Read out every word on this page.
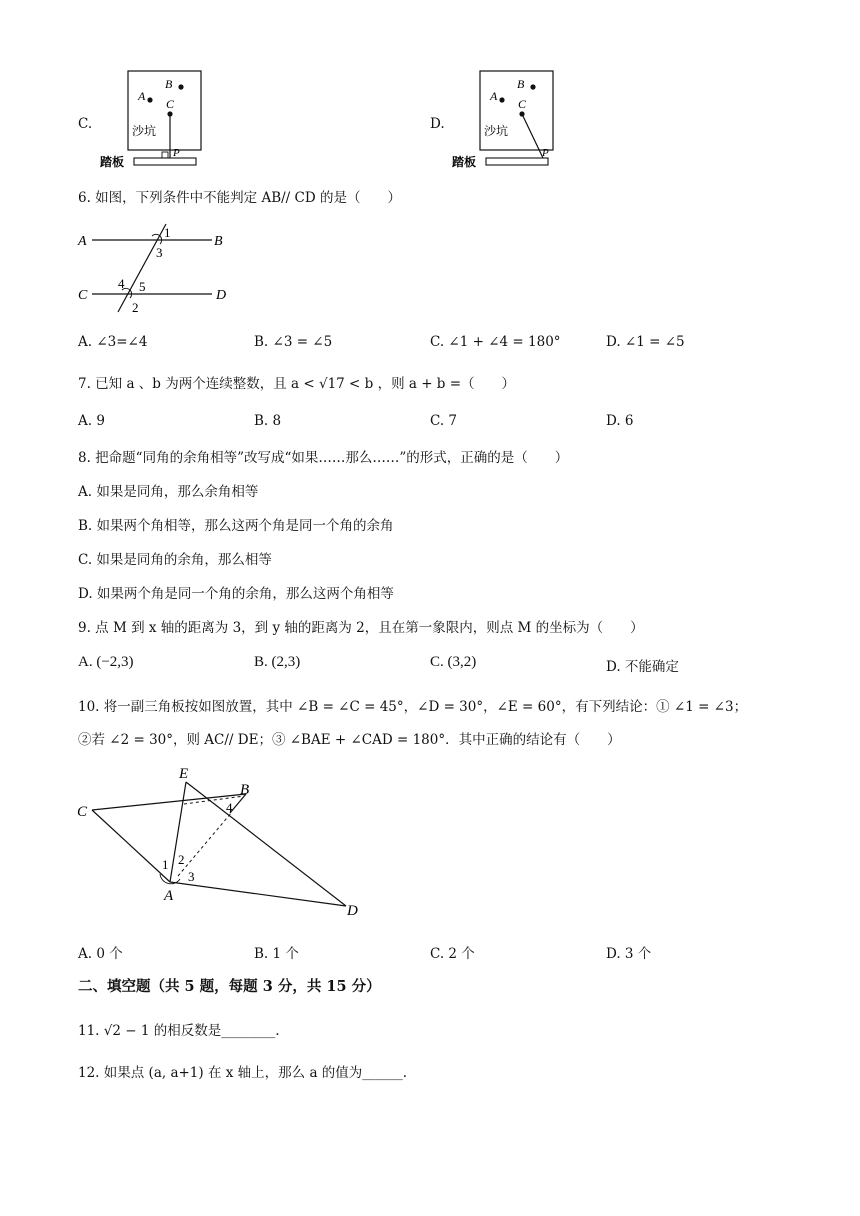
C.
A
B
C
沙坑
踏板
P
D.
A
B
C
沙坑
踏板
P
6. 如图，下列条件中不能判定 AB// CD 的是（　　）
A	B
C	D
1
3
4 5
2
A. ∠3=∠4	B. ∠3 = ∠5	C. ∠1 + ∠4 = 180°	D. ∠1 = ∠5
7. 已知 a 、b 为两个连续整数，且 a < √17 < b ，则 a + b =（　　）
A. 9	B. 8	C. 7	D. 6
8. 把命题“同角的余角相等”改写成“如果……那么……”的形式，正确的是（　　）
A. 如果是同角，那么余角相等
B. 如果两个角相等，那么这两个角是同一个角的余角
C. 如果是同角的余角，那么相等
D. 如果两个角是同一个角的余角，那么这两个角相等
9. 点 M 到 x 轴的距离为 3，到 y 轴的距离为 2，且在第一象限内，则点 M 的坐标为（　　）
A. (−2,3)	B. (2,3)	C. (3,2)	D. 不能确定
10. 将一副三角板按如图放置，其中 ∠B = ∠C = 45°，∠D = 30°，∠E = 60°，有下列结论：① ∠1 = ∠3；
②若 ∠2 = 30°，则 AC// DE；③ ∠BAE + ∠CAD = 180°．其中正确的结论有（　　）
C
E
B
A
D
1 2
3
4
A. 0 个	B. 1 个	C. 2 个	D. 3 个
二、填空题（共 5 题，每题 3 分，共 15 分）
11. √2 − 1 的相反数是________.
12. 如果点 (a, a+1) 在 x 轴上，那么 a 的值为______.
